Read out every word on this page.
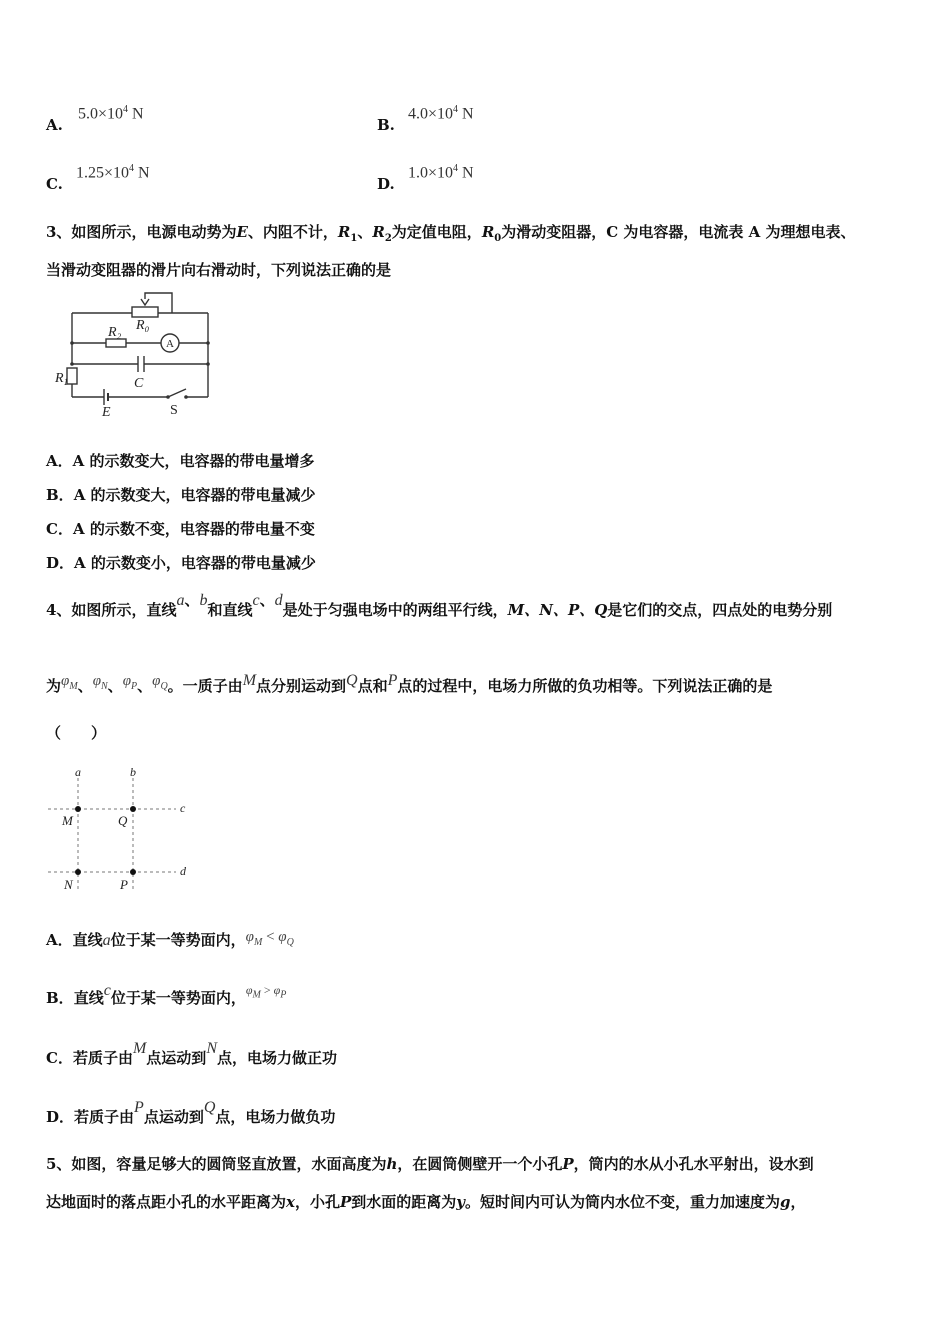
A.
$5.0\times 10^4$ N
B.
$4.0\times 10^4$ N
C.
$1.25\times 10^4$ N
D.
$1.0\times 10^4$ N
3、如图所示，电源电动势为E、内阻不计，$R_1$、$R_2$为定值电阻，$R_0$为滑动变阻器，C 为电容器，电流表 A 为理想电表、
当滑动变阻器的滑片向右滑动时，下列说法正确的是
R₀
R₂
A
C
$R_1$
E	S
A．A 的示数变大，电容器的带电量增多
B．A 的示数变大，电容器的带电量减少
C．A 的示数不变，电容器的带电量不变
D．A 的示数变小，电容器的带电量减少
4、如图所示，直线a、b和直线c、d是处于匀强电场中的两组平行线，M、N、P、Q是它们的交点，四点处的电势分别
为$\varphi_M$、$\varphi_N$、$\varphi_P$、$\varphi_Q$。一质子由M点分别运动到Q点和P点的过程中，电场力所做的负功相等。下列说法正确的是
（　　）
a	b
c
d
M	Q
N	P
A．直线a位于某一等势面内，$\varphi_M < \varphi_Q$
B．直线c位于某一等势面内，$^{\varphi_M > \varphi_P}$
C．若质子由M点运动到N点，电场力做正功
D．若质子由P点运动到Q点，电场力做负功
5、如图，容量足够大的圆筒竖直放置，水面高度为h，在圆筒侧壁开一个小孔P，筒内的水从小孔水平射出，设水到
达地面时的落点距小孔的水平距离为x，小孔P到水面的距离为y。短时间内可认为筒内水位不变，重力加速度为g，
